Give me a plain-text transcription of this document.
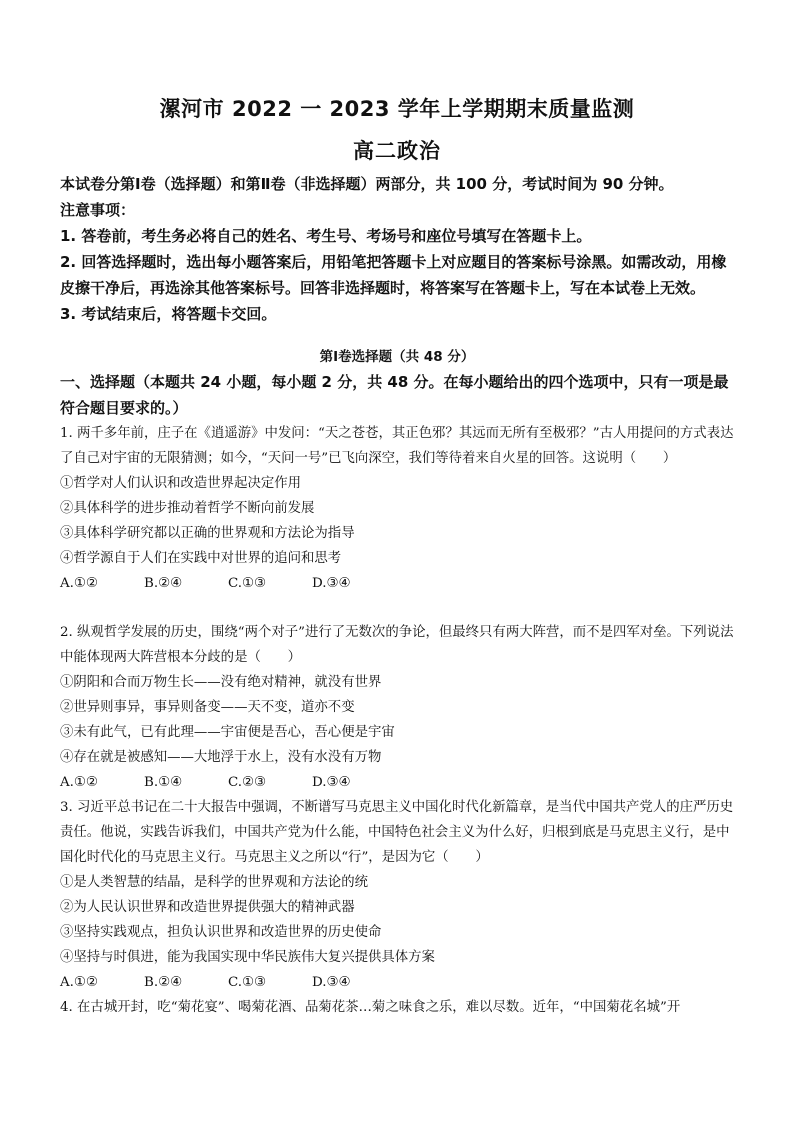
漯河市 2022 一 2023 学年上学期期末质量监测
高二政治

本试卷分第Ⅰ卷（选择题）和第Ⅱ卷（非选择题）两部分，共 100 分，考试时间为 90 分钟。

注意事项：

1. 答卷前，考生务必将自己的姓名、考生号、考场号和座位号填写在答题卡上。

2. 回答选择题时，选出每小题答案后，用铅笔把答题卡上对应题目的答案标号涂黑。如需改动，用橡皮擦干净后，再选涂其他答案标号。回答非选择题时，将答案写在答题卡上，写在本试卷上无效。

3. 考试结束后，将答题卡交回。

第Ⅰ卷选择题（共 48 分）
一、选择题（本题共 24 小题，每小题 2 分，共 48 分。在每小题给出的四个选项中，只有一项是最符合题目要求的。）

1. 两千多年前，庄子在《逍遥游》中发问：“天之苍苍，其正色邪？其远而无所有至极邪？”古人用提问的方式表达了自己对宇宙的无限猜测；如今，“天问一号”已飞向深空，我们等待着来自火星的回答。这说明（　　）

①哲学对人们认识和改造世界起决定作用

②具体科学的进步推动着哲学不断向前发展

③具体科学研究都以正确的世界观和方法论为指导

④哲学源自于人们在实践中对世界的追问和思考

A.①②	B.②④	C.①③	D.③④

2. 纵观哲学发展的历史，围绕“两个对子”进行了无数次的争论，但最终只有两大阵营，而不是四军对垒。下列说法中能体现两大阵营根本分歧的是（　　）

①阴阳和合而万物生长——没有绝对精神，就没有世界

②世异则事异，事异则备变——天不变，道亦不变

③未有此气，已有此理——宇宙便是吾心，吾心便是宇宙

④存在就是被感知——大地浮于水上，没有水没有万物

A.①②	B.①④	C.②③	D.③④

3. 习近平总书记在二十大报告中强调，不断谱写马克思主义中国化时代化新篇章，是当代中国共产党人的庄严历史责任。他说，实践告诉我们，中国共产党为什么能，中国特色社会主义为什么好，归根到底是马克思主义行，是中国化时代化的马克思主义行。马克思主义之所以“行”，是因为它（　　）

①是人类智慧的结晶，是科学的世界观和方法论的统

②为人民认识世界和改造世界提供强大的精神武器

③坚持实践观点，担负认识世界和改造世界的历史使命

④坚持与时俱进，能为我国实现中华民族伟大复兴提供具体方案

A.①②	B.②④	C.①③	D.③④

4. 在古城开封，吃“菊花宴”、喝菊花酒、品菊花茶…菊之味食之乐，难以尽数。近年，“中国菊花名城”开
